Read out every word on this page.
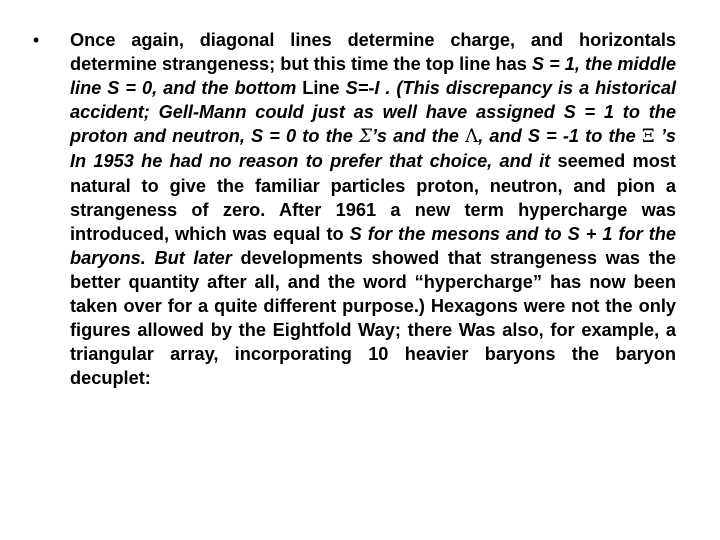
• Once again, diagonal lines determine charge, and horizontals determine strangeness; but this time the top line has S = 1, the middle line S = 0, and the bottom Line S=-I . (This discrepancy is a historical accident; Gell-Mann could just as well have assigned S = 1 to the proton and neutron, S = 0 to the Σ’s and the Λ, and S = -1 to the Ξ ’s In 1953 he had no reason to prefer that choice, and it seemed most natural to give the familiar particles proton, neutron, and pion a strangeness of zero. After 1961 a new term hypercharge was introduced, which was equal to S for the mesons and to S + 1 for the baryons. But later developments showed that strangeness was the better quantity after all, and the word “hypercharge” has now been taken over for a quite different purpose.) Hexagons were not the only figures allowed by the Eightfold Way; there Was also, for example, a triangular array, incorporating 10 heavier baryons the baryon decuplet:
